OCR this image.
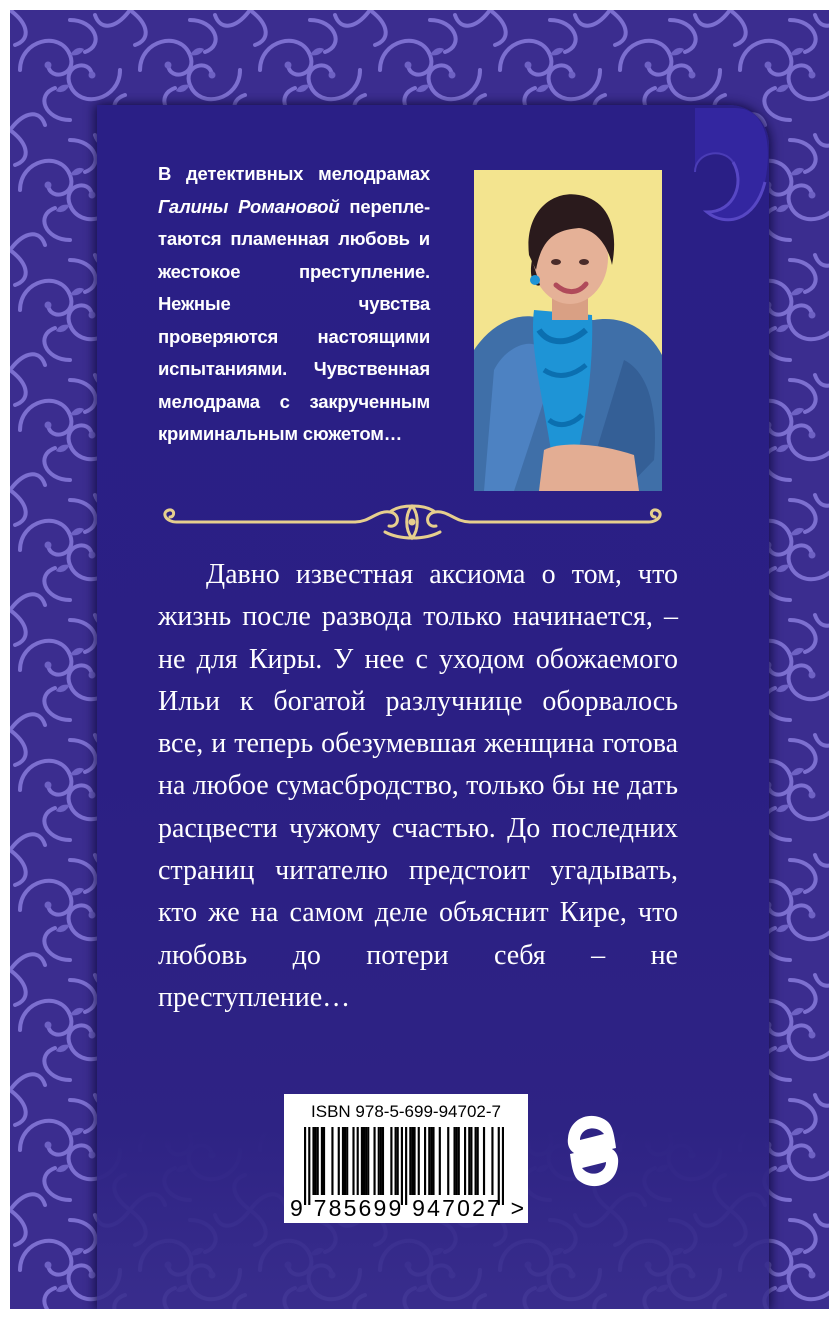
В детективных мелодрамах Галины Романовой перепле- таются пламенная любовь и жестокое преступление. Нежные чувства проверяются настоящими испытаниями. Чувственная мелодрама с закрученным криминальным сюжетом…
Давно известная аксиома о том, что жизнь после развода только начинается, – не для Киры. У нее с уходом обожаемого Ильи к богатой разлучнице оборвалось все, и теперь обезумевшая женщина готова на любое сумасбродство, только бы не дать расцвести чужому счастью. До последних страниц читателю предстоит угадывать, кто же на самом деле объяснит Кире, что любовь до потери себя – не преступление…
ISBN 978-5-699-94702-7
9 785699 947027 >
